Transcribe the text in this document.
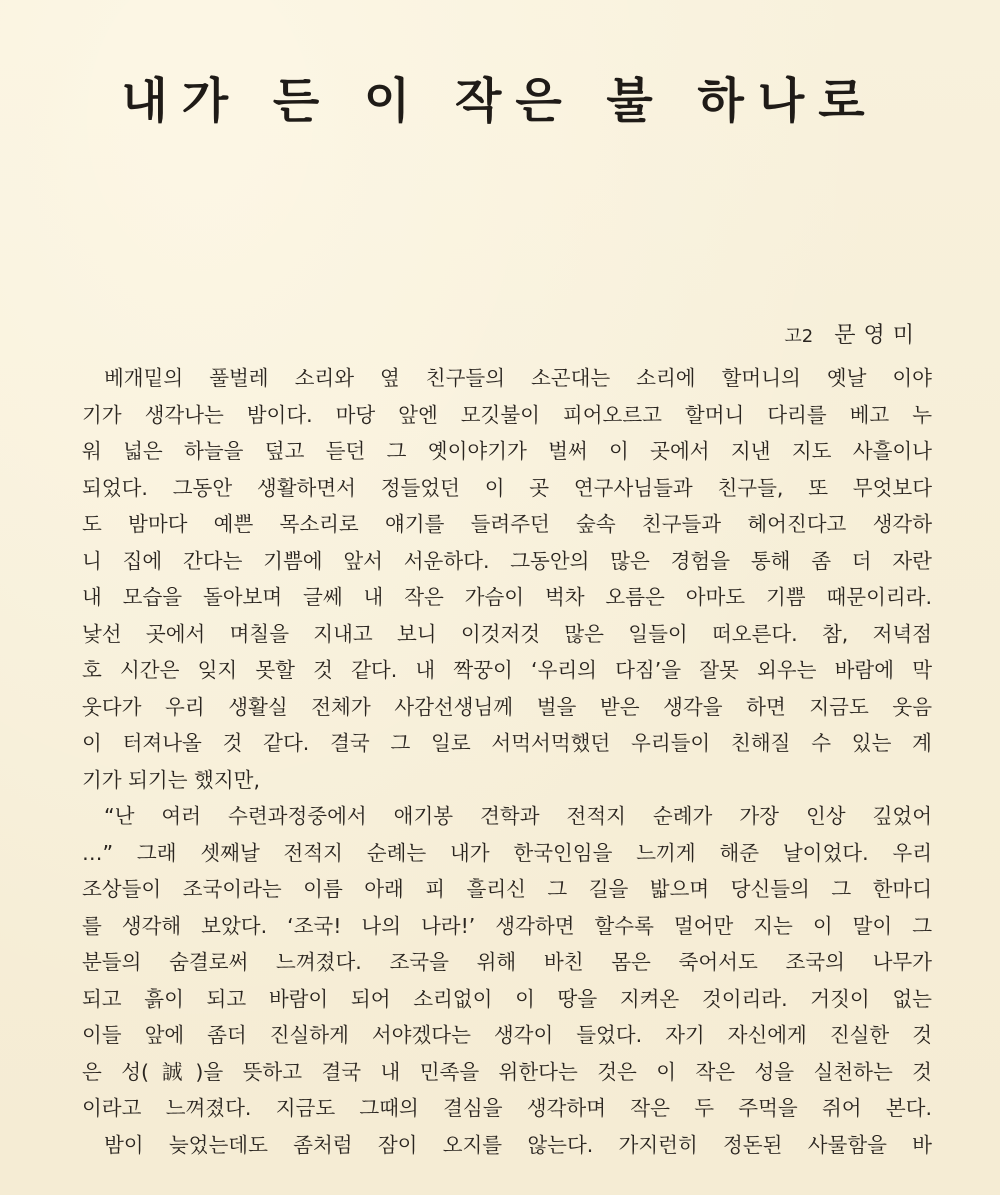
내가 든 이 작은 불 하나로
고2 문영미
베개밑의 풀벌레 소리와 옆 친구들의 소곤대는 소리에 할머니의 옛날 이야
기가 생각나는 밤이다. 마당 앞엔 모깃불이 피어오르고 할머니 다리를 베고 누
워 넓은 하늘을 덮고 듣던 그 옛이야기가 벌써 이 곳에서 지낸 지도 사흘이나
되었다. 그동안 생활하면서 정들었던 이 곳 연구사님들과 친구들, 또 무엇보다
도 밤마다 예쁜 목소리로 얘기를 들려주던 숲속 친구들과 헤어진다고 생각하
니 집에 간다는 기쁨에 앞서 서운하다. 그동안의 많은 경험을 통해 좀 더 자란
내 모습을 돌아보며 글쎄 내 작은 가슴이 벅차 오름은 아마도 기쁨 때문이리라.
낯선 곳에서 며칠을 지내고 보니 이것저것 많은 일들이 떠오른다. 참, 저녁점
호 시간은 잊지 못할 것 같다. 내 짝꿍이 ‘우리의 다짐’을 잘못 외우는 바람에 막
웃다가 우리 생활실 전체가 사감선생님께 벌을 받은 생각을 하면 지금도 웃음
이 터져나올 것 같다. 결국 그 일로 서먹서먹했던 우리들이 친해질 수 있는 계
기가 되기는 했지만,
“난 여러 수련과정중에서 애기봉 견학과 전적지 순례가 가장 인상 깊었어
…” 그래 셋째날 전적지 순례는 내가 한국인임을 느끼게 해준 날이었다. 우리
조상들이 조국이라는 이름 아래 피 흘리신 그 길을 밟으며 당신들의 그 한마디
를 생각해 보았다. ‘조국! 나의 나라!’ 생각하면 할수록 멀어만 지는 이 말이 그
분들의 숨결로써 느껴졌다. 조국을 위해 바친 몸은 죽어서도 조국의 나무가
되고 흙이 되고 바람이 되어 소리없이 이 땅을 지켜온 것이리라. 거짓이 없는
이들 앞에 좀더 진실하게 서야겠다는 생각이 들었다. 자기 자신에게 진실한 것
은 성(誠)을 뜻하고 결국 내 민족을 위한다는 것은 이 작은 성을 실천하는 것
이라고 느껴졌다. 지금도 그때의 결심을 생각하며 작은 두 주먹을 쥐어 본다.
밤이 늦었는데도 좀처럼 잠이 오지를 않는다. 가지런히 정돈된 사물함을 바
